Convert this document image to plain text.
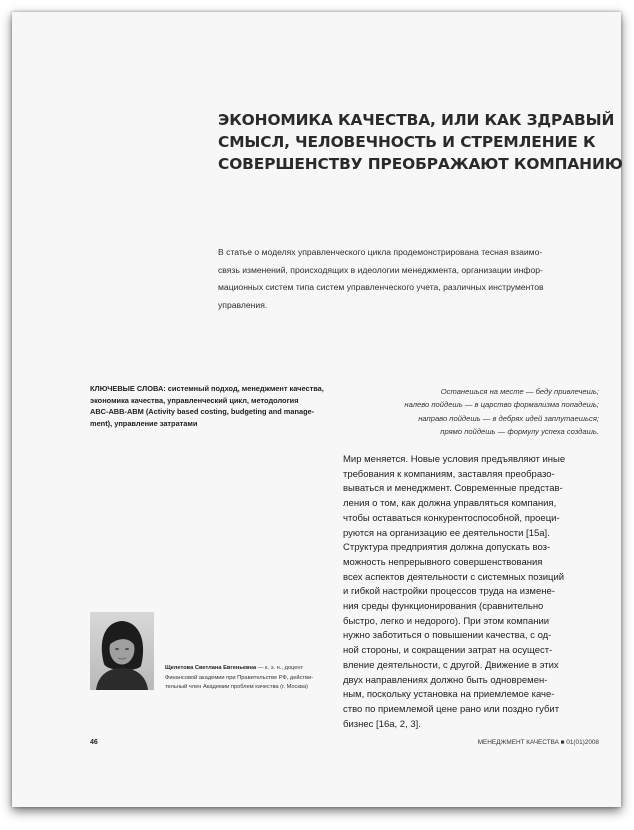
ЭКОНОМИКА КАЧЕСТВА, ИЛИ КАК ЗДРАВЫЙ
СМЫСЛ, ЧЕЛОВЕЧНОСТЬ И СТРЕМЛЕНИЕ К
СОВЕРШЕНСТВУ ПРЕОБРАЖАЮТ КОМПАНИЮ

В статье о моделях управленческого цикла продемонстрирована тесная взаимо-
связь изменений, происходящих в идеологии менеджмента, организации инфор-
мационных систем типа систем управленческого учета, различных инструментов
управления.

КЛЮЧЕВЫЕ СЛОВА: системный подход, менеджмент качества,
экономика качества, управленческий цикл, методология
ABC-ABB-ABM (Activity based costing, budgeting and manage-
ment), управление затратами

Останешься на месте — беду привлечешь;
налево пойдешь — в царство формализма попадешь;
направо пойдешь — в дебрях идей заплутаешься;
прямо пойдешь — формулу успеха создашь.

Мир меняется. Новые условия предъявляют иные
требования к компаниям, заставляя преобразо-
вываться и менеджмент. Современные представ-
ления о том, как должна управляться компания,
чтобы оставаться конкурентоспособной, проеци-
руются на организацию ее деятельности [15а].
Структура предприятия должна допускать воз-
можность непрерывного совершенствования
всех аспектов деятельности с системных позиций
и гибкой настройки процессов труда на измене-
ния среды функционирования (сравнительно
быстро, легко и недорого). При этом компании
нужно заботиться о повышении качества, с од-
ной стороны, и сокращении затрат на осущест-
вление деятельности, с другой. Движение в этих
двух направлениях должно быть одновремен-
ным, поскольку установка на приемлемое каче-
ство по приемлемой цене рано или поздно губит
бизнес [16а, 2, 3].

Щепетова Светлана Евгеньевна — к. э. н., доцент
Финансовой академии при Правительстве РФ, действи-
тельный член Академии проблем качества (г. Москва)

46	МЕНЕДЖМЕНТ КАЧЕСТВА ■ 01(01)2008
